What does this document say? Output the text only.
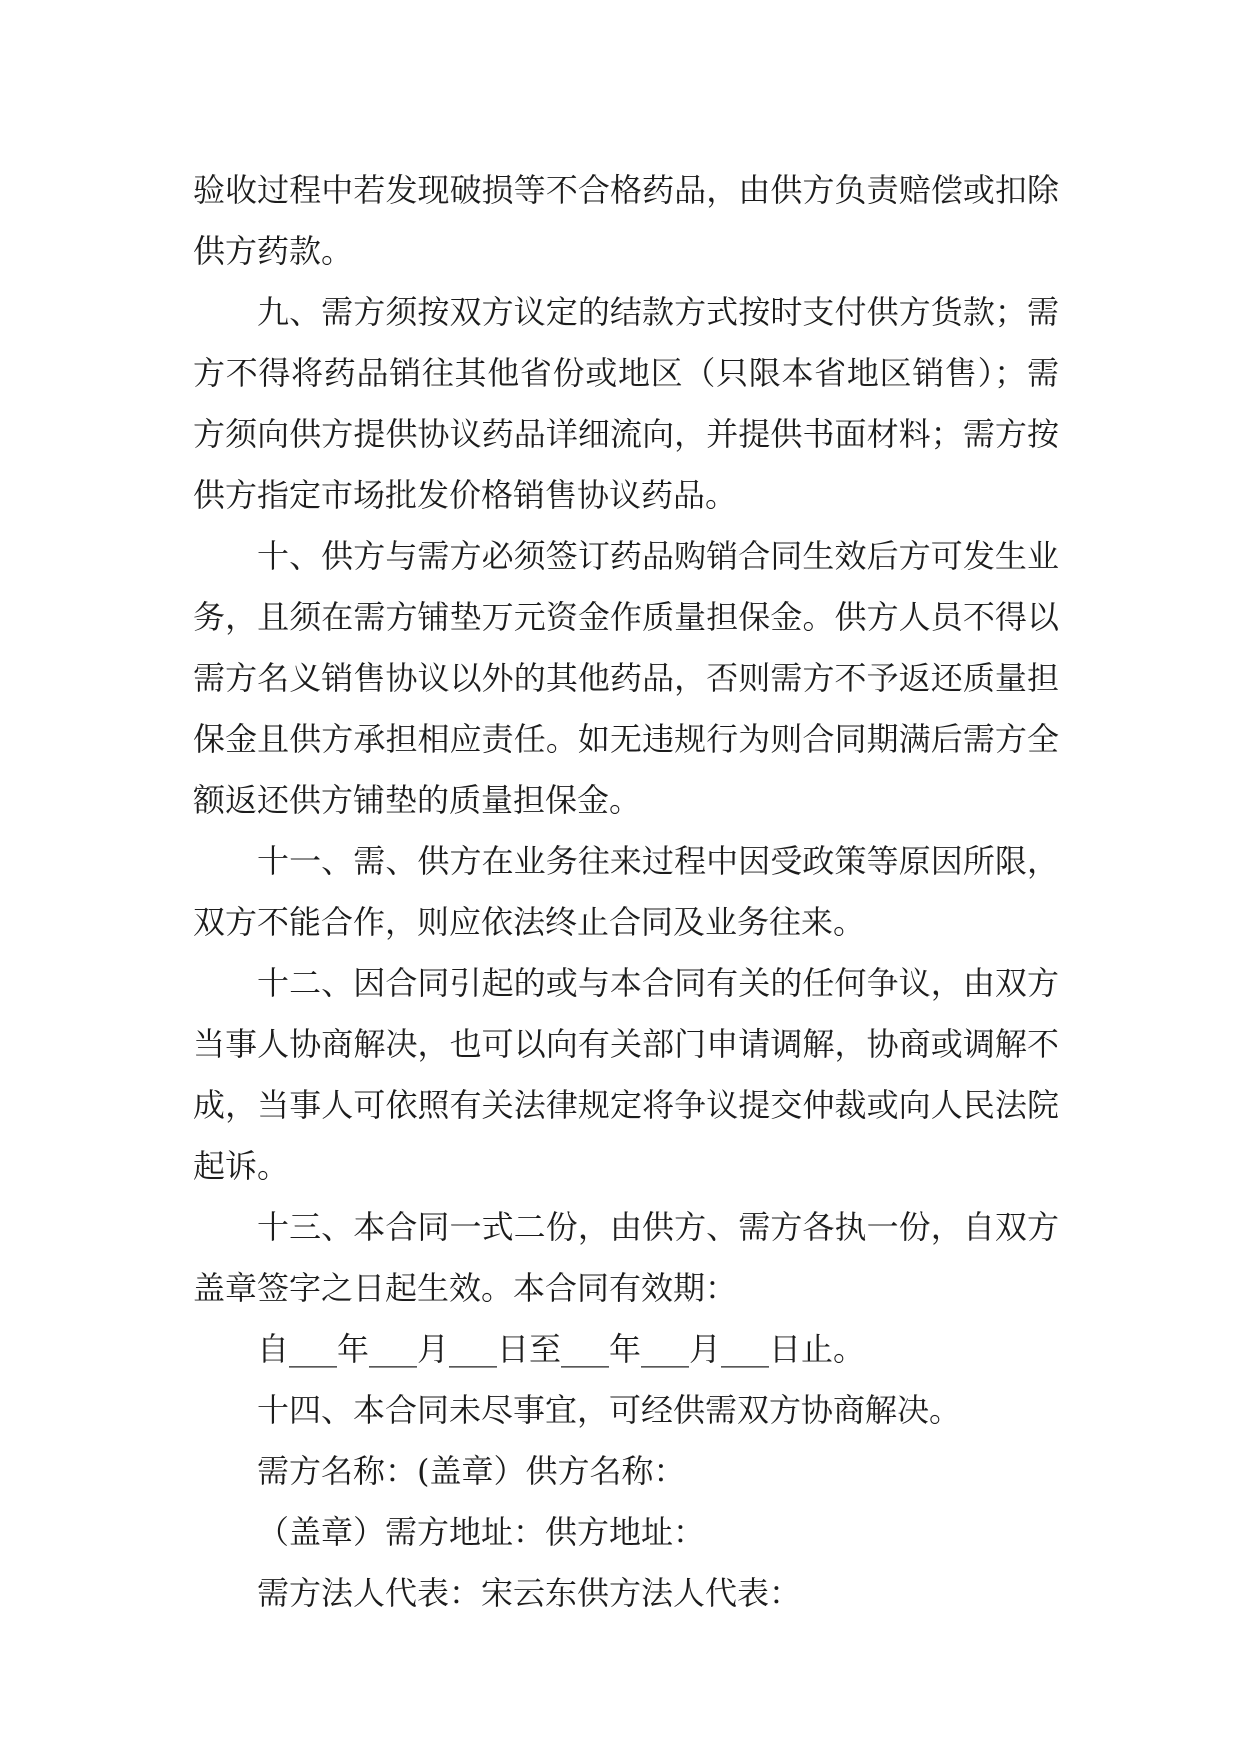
验收过程中若发现破损等不合格药品，由供方负责赔偿或扣除供方药款。

九、需方须按双方议定的结款方式按时支付供方货款；需方不得将药品销往其他省份或地区（只限本省地区销售）；需方须向供方提供协议药品详细流向，并提供书面材料；需方按供方指定市场批发价格销售协议药品。

十、供方与需方必须签订药品购销合同生效后方可发生业务，且须在需方铺垫万元资金作质量担保金。供方人员不得以需方名义销售协议以外的其他药品，否则需方不予返还质量担保金且供方承担相应责任。如无违规行为则合同期满后需方全额返还供方铺垫的质量担保金。

十一、需、供方在业务往来过程中因受政策等原因所限，双方不能合作，则应依法终止合同及业务往来。

十二、因合同引起的或与本合同有关的任何争议，由双方当事人协商解决，也可以向有关部门申请调解，协商或调解不成，当事人可依照有关法律规定将争议提交仲裁或向人民法院起诉。

十三、本合同一式二份，由供方、需方各执一份，自双方盖章签字之日起生效。本合同有效期：

自___年___月___日至___年___月___日止。
十四、本合同未尽事宜，可经供需双方协商解决。
需方名称：(盖章）供方名称：
（盖章）需方地址：供方地址：
需方法人代表：宋云东供方法人代表：
